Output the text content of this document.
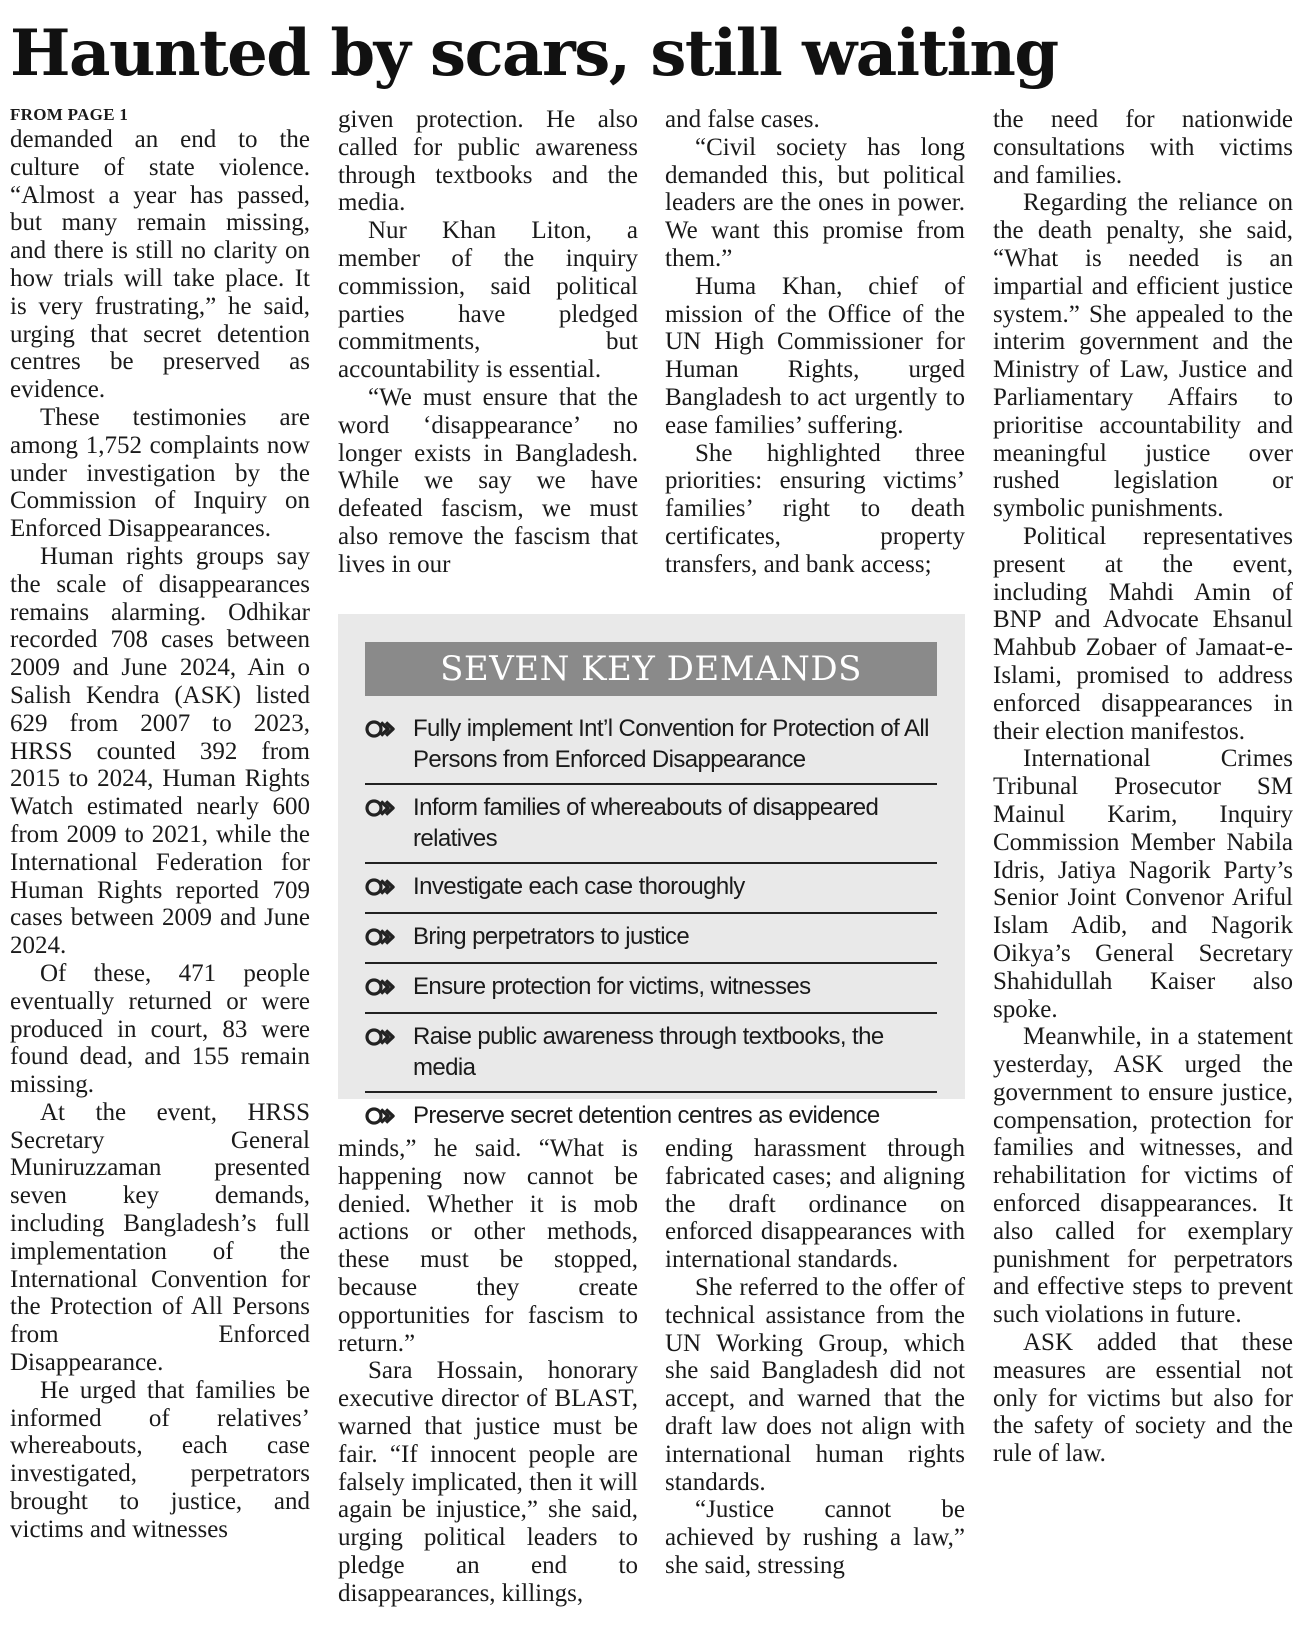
Haunted by scars, still waiting
FROM PAGE 1

demanded an end to the culture of state violence. “Almost a year has passed, but many remain missing, and there is still no clarity on how trials will take place. It is very frustrating,” he said, urging that secret detention centres be preserved as evidence.

These testimonies are among 1,752 complaints now under investigation by the Commission of Inquiry on Enforced Disappearances.

Human rights groups say the scale of disappearances remains alarming. Odhikar recorded 708 cases between 2009 and June 2024, Ain o Salish Kendra (ASK) listed 629 from 2007 to 2023, HRSS counted 392 from 2015 to 2024, Human Rights Watch estimated nearly 600 from 2009 to 2021, while the International Federation for Human Rights reported 709 cases between 2009 and June 2024.

Of these, 471 people eventually returned or were produced in court, 83 were found dead, and 155 remain missing.

At the event, HRSS Secretary General Muniruzzaman presented seven key demands, including Bangladesh’s full implementation of the International Convention for the Protection of All Persons from Enforced Disappearance.

He urged that families be informed of relatives’ whereabouts, each case investigated, perpetrators brought to justice, and victims and witnesses

given protection. He also called for public awareness through textbooks and the media.

Nur Khan Liton, a member of the inquiry commission, said political parties have pledged commitments, but accountability is essential.

“We must ensure that the word ‘disappearance’ no longer exists in Bangladesh. While we say we have defeated fascism, we must also remove the fascism that lives in our

and false cases.

“Civil society has long demanded this, but political leaders are the ones in power. We want this promise from them.”

Huma Khan, chief of mission of the Office of the UN High Commissioner for Human Rights, urged Bangladesh to act urgently to ease families’ suffering.

She highlighted three priorities: ensuring victims’ families’ right to death certificates, property transfers, and bank access;

SEVEN KEY DEMANDS
Fully implement Int’l Convention for Protection of All Persons from Enforced Disappearance
Inform families of whereabouts of disappeared relatives
Investigate each case thoroughly
Bring perpetrators to justice
Ensure protection for victims, witnesses
Raise public awareness through textbooks, the media
Preserve secret detention centres as evidence

minds,” he said. “What is happening now cannot be denied. Whether it is mob actions or other methods, these must be stopped, because they create opportunities for fascism to return.”

Sara Hossain, honorary executive director of BLAST, warned that justice must be fair. “If innocent people are falsely implicated, then it will again be injustice,” she said, urging political leaders to pledge an end to disappearances, killings,

ending harassment through fabricated cases; and aligning the draft ordinance on enforced disappearances with international standards.

She referred to the offer of technical assistance from the UN Working Group, which she said Bangladesh did not accept, and warned that the draft law does not align with international human rights standards.

“Justice cannot be achieved by rushing a law,” she said, stressing

the need for nationwide consultations with victims and families.

Regarding the reliance on the death penalty, she said, “What is needed is an impartial and efficient justice system.” She appealed to the interim government and the Ministry of Law, Justice and Parliamentary Affairs to prioritise accountability and meaningful justice over rushed legislation or symbolic punishments.

Political representatives present at the event, including Mahdi Amin of BNP and Advocate Ehsanul Mahbub Zobaer of Jamaat-e-Islami, promised to address enforced disappearances in their election manifestos.

International Crimes Tribunal Prosecutor SM Mainul Karim, Inquiry Commission Member Nabila Idris, Jatiya Nagorik Party’s Senior Joint Convenor Ariful Islam Adib, and Nagorik Oikya’s General Secretary Shahidullah Kaiser also spoke.

Meanwhile, in a statement yesterday, ASK urged the government to ensure justice, compensation, protection for families and witnesses, and rehabilitation for victims of enforced disappearances. It also called for exemplary punishment for perpetrators and effective steps to prevent such violations in future.

ASK added that these measures are essential not only for victims but also for the safety of society and the rule of law.
